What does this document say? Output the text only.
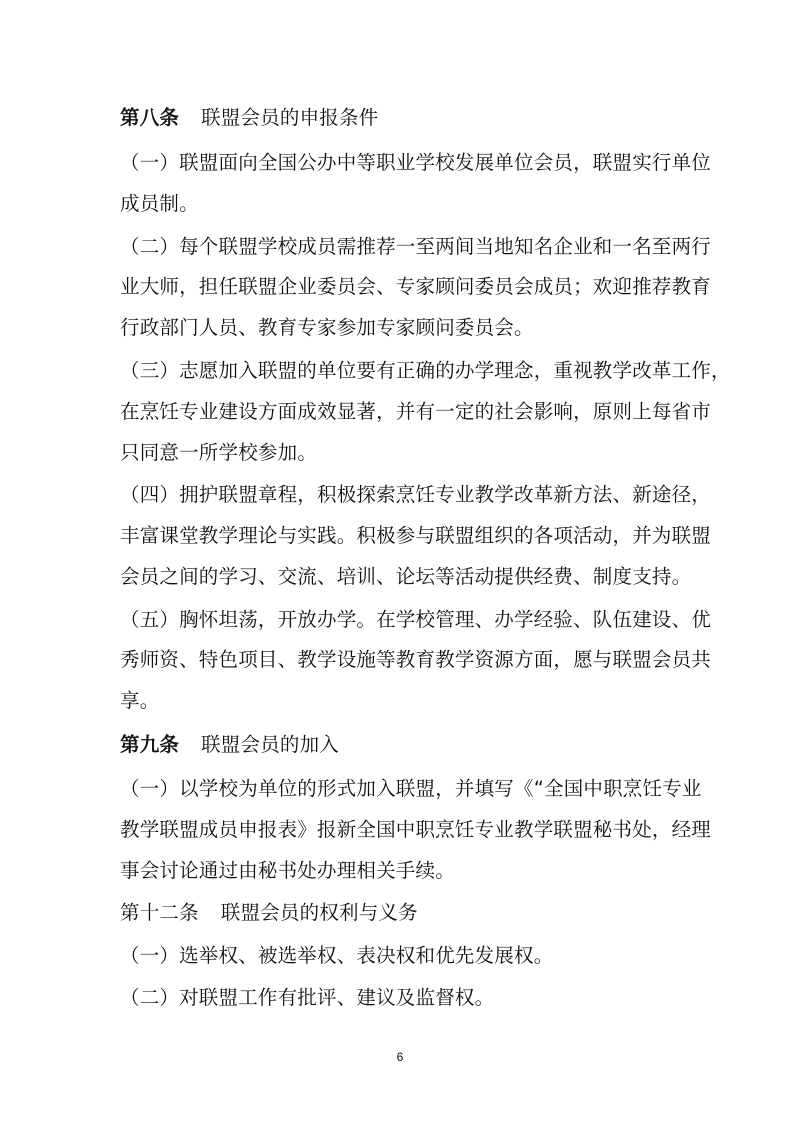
第八条 联盟会员的申报条件

（一）联盟面向全国公办中等职业学校发展单位会员，联盟实行单位

成员制。

（二）每个联盟学校成员需推荐一至两间当地知名企业和一名至两行

业大师，担任联盟企业委员会、专家顾问委员会成员；欢迎推荐教育

行政部门人员、教育专家参加专家顾问委员会。

（三）志愿加入联盟的单位要有正确的办学理念，重视教学改革工作，

在烹饪专业建设方面成效显著，并有一定的社会影响，原则上每省市

只同意一所学校参加。

（四）拥护联盟章程，积极探索烹饪专业教学改革新方法、新途径，

丰富课堂教学理论与实践。积极参与联盟组织的各项活动，并为联盟

会员之间的学习、交流、培训、论坛等活动提供经费、制度支持。

（五）胸怀坦荡，开放办学。在学校管理、办学经验、队伍建设、优

秀师资、特色项目、教学设施等教育教学资源方面，愿与联盟会员共

享。

第九条 联盟会员的加入

（一）以学校为单位的形式加入联盟，并填写《“全国中职烹饪专业

教学联盟成员申报表》报新全国中职烹饪专业教学联盟秘书处，经理

事会讨论通过由秘书处办理相关手续。

第十二条 联盟会员的权利与义务

（一）选举权、被选举权、表决权和优先发展权。

（二）对联盟工作有批评、建议及监督权。

6
